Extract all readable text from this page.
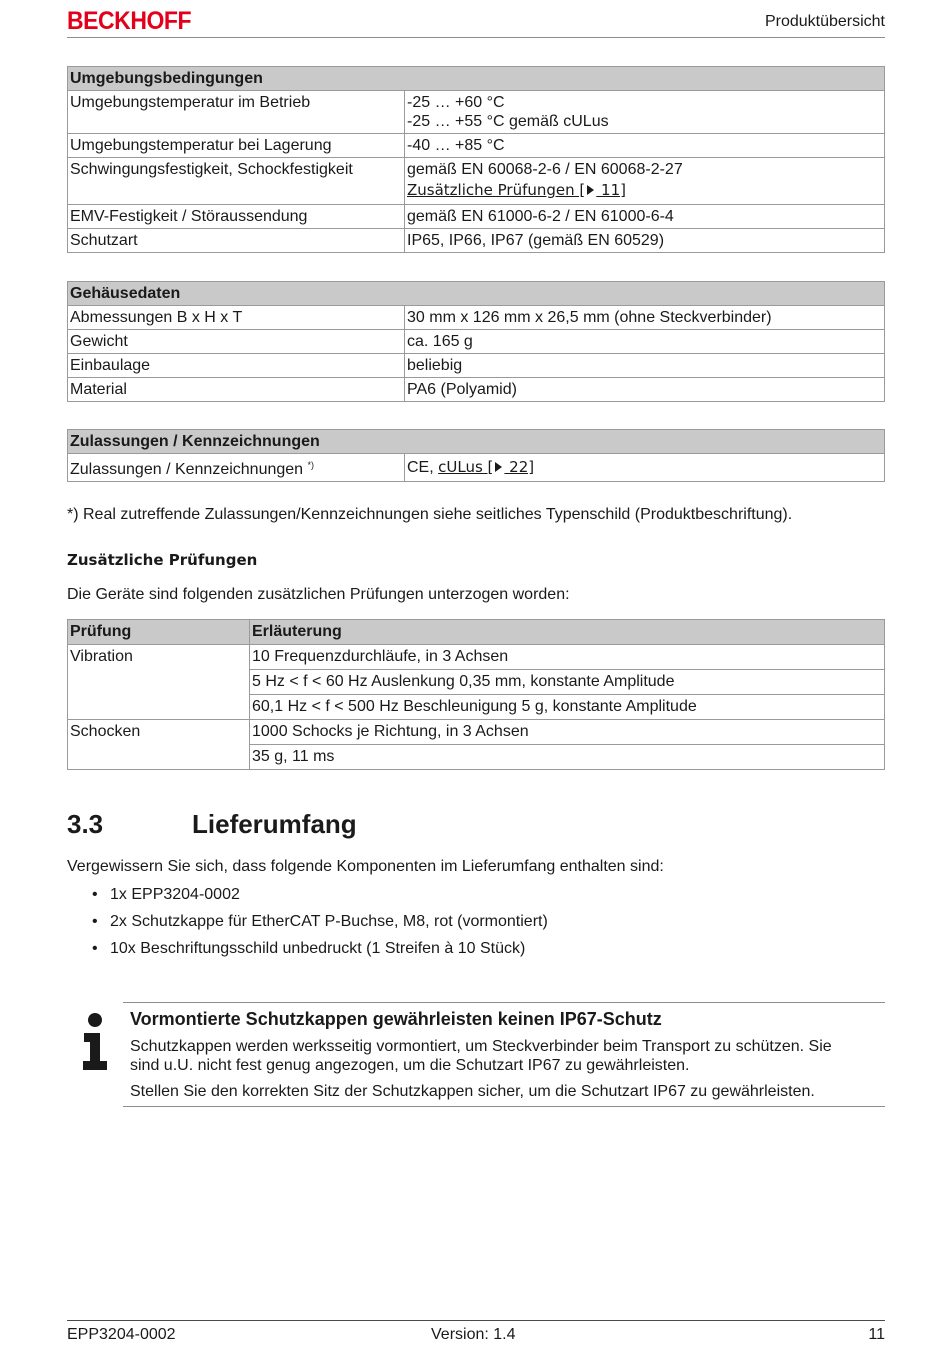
BECKHOFF	Produktübersicht
Umgebungsbedingungen	
Umgebungstemperatur im Betrieb	-25 … +60 °C
-25 … +55 °C gemäß cULus

Umgebungstemperatur bei Lagerung	-40 … +85 °C
Schwingungsfestigkeit, Schockfestigkeit	gemäß EN 60068-2-6 / EN 60068-2-27
Zusätzliche Prüfungen [ 11]

EMV-Festigkeit / Störaussendung	gemäß EN 61000-6-2 / EN 61000-6-4
Schutzart	IP65, IP66, IP67 (gemäß EN 60529)
Gehäusedaten	
Abmessungen B x H x T	30 mm x 126 mm x 26,5 mm (ohne Steckverbinder)
Gewicht	ca. 165 g
Einbaulage	beliebig
Material	PA6 (Polyamid)
Zulassungen / Kennzeichnungen
Zulassungen / Kennzeichnungen *)	CE, cULus [ 22]
*) Real zutreffende Zulassungen/Kennzeichnungen siehe seitliches Typenschild (Produktbeschriftung).
Zusätzliche Prüfungen
Die Geräte sind folgenden zusätzlichen Prüfungen unterzogen worden:
Prüfung	Erläuterung
Vibration	10 Frequenzdurchläufe, in 3 Achsen
	5 Hz < f < 60 Hz Auslenkung 0,35 mm, konstante Amplitude
	60,1 Hz < f < 500 Hz Beschleunigung 5 g, konstante Amplitude
Schocken	1000 Schocks je Richtung, in 3 Achsen
	35 g, 11 ms
3.3	Lieferumfang
Vergewissern Sie sich, dass folgende Komponenten im Lieferumfang enthalten sind:
• 1x EPP3204-0002
• 2x Schutzkappe für EtherCAT P-Buchse, M8, rot (vormontiert)
• 10x Beschriftungsschild unbedruckt (1 Streifen à 10 Stück)
Vormontierte Schutzkappen gewährleisten keinen IP67-Schutz
Schutzkappen werden werksseitig vormontiert, um Steckverbinder beim Transport zu schützen. Sie
sind u.U. nicht fest genug angezogen, um die Schutzart IP67 zu gewährleisten.
Stellen Sie den korrekten Sitz der Schutzkappen sicher, um die Schutzart IP67 zu gewährleisten.
EPP3204-0002	Version: 1.4	11
